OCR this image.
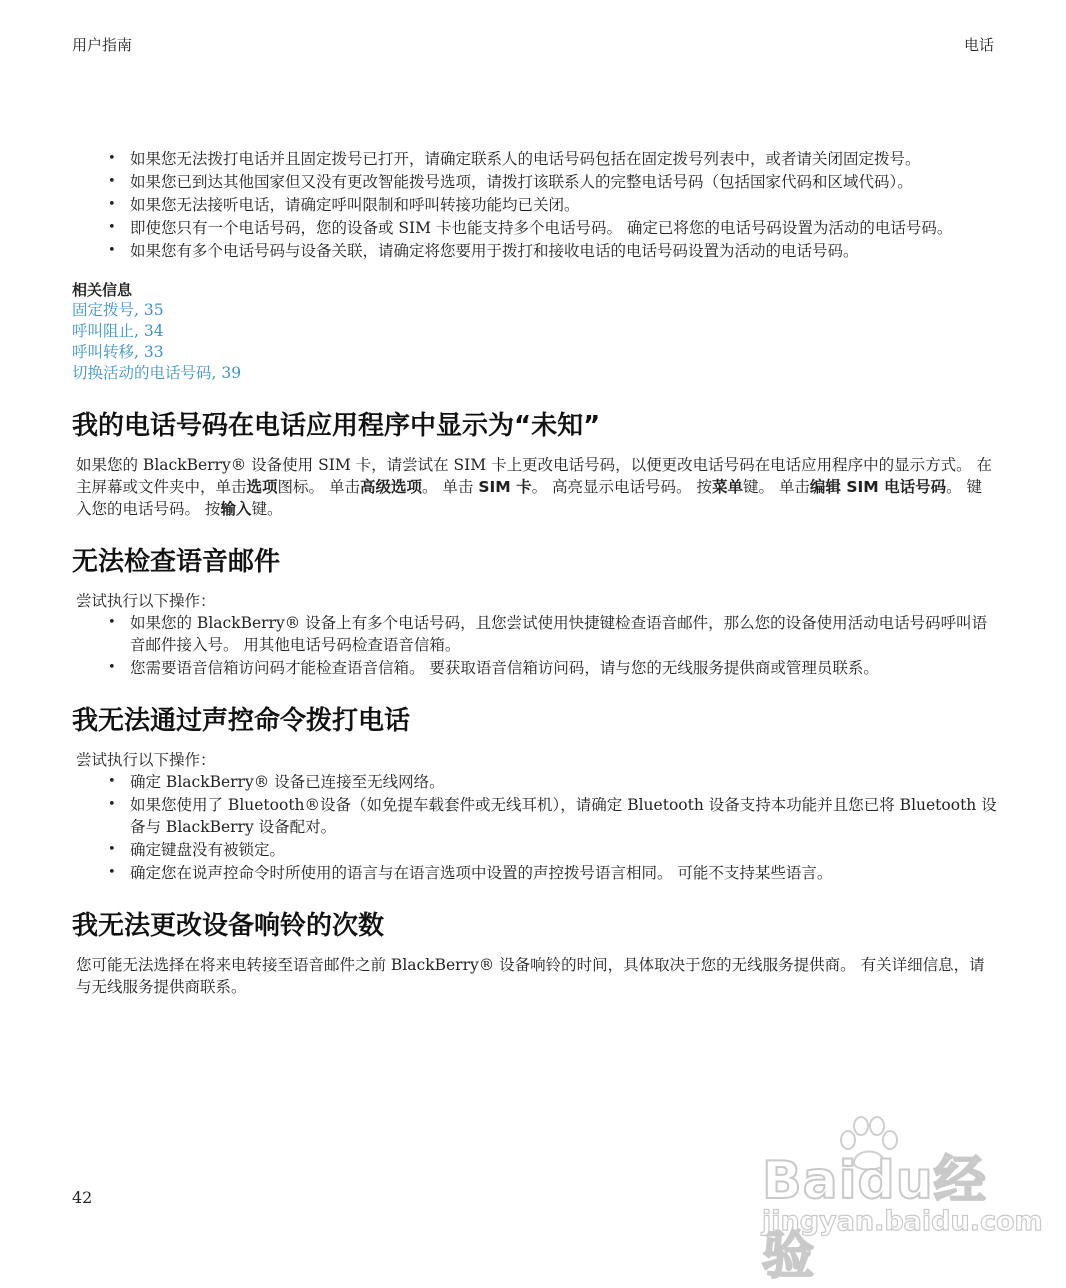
用户指南	电话
• 如果您无法拨打电话并且固定拨号已打开，请确定联系人的电话号码包括在固定拨号列表中，或者请关闭固定拨号。
• 如果您已到达其他国家但又没有更改智能拨号选项，请拨打该联系人的完整电话号码（包括国家代码和区域代码）。
• 如果您无法接听电话，请确定呼叫限制和呼叫转接功能均已关闭。
• 即使您只有一个电话号码，您的设备或 SIM 卡也能支持多个电话号码。 确定已将您的电话号码设置为活动的电话号码。
• 如果您有多个电话号码与设备关联，请确定将您要用于拨打和接收电话的电话号码设置为活动的电话号码。
相关信息
固定拨号, 35
呼叫阻止, 34
呼叫转移, 33
切换活动的电话号码, 39
我的电话号码在电话应用程序中显示为“未知”
如果您的 BlackBerry® 设备使用 SIM 卡，请尝试在 SIM 卡上更改电话号码，以便更改电话号码在电话应用程序中的显示方式。 在主屏幕或文件夹中，单击选项图标。 单击高级选项。 单击 SIM 卡。 高亮显示电话号码。 按菜单键。 单击编辑 SIM 电话号码。 键入您的电话号码。 按输入键。
无法检查语音邮件
尝试执行以下操作：
• 如果您的 BlackBerry® 设备上有多个电话号码，且您尝试使用快捷键检查语音邮件，那么您的设备使用活动电话号码呼叫语音邮件接入号。 用其他电话号码检查语音信箱。
• 您需要语音信箱访问码才能检查语音信箱。 要获取语音信箱访问码，请与您的无线服务提供商或管理员联系。
我无法通过声控命令拨打电话
尝试执行以下操作：
• 确定 BlackBerry® 设备已连接至无线网络。
• 如果您使用了 Bluetooth®设备（如免提车载套件或无线耳机），请确定 Bluetooth 设备支持本功能并且您已将 Bluetooth 设备与 BlackBerry 设备配对。
• 确定键盘没有被锁定。
• 确定您在说声控命令时所使用的语言与在语言选项中设置的声控拨号语言相同。 可能不支持某些语言。
我无法更改设备响铃的次数
您可能无法选择在将来电转接至语音邮件之前 BlackBerry® 设备响铃的时间，具体取决于您的无线服务提供商。 有关详细信息，请与无线服务提供商联系。
42	Baidu经验
jingyan.baidu.com
